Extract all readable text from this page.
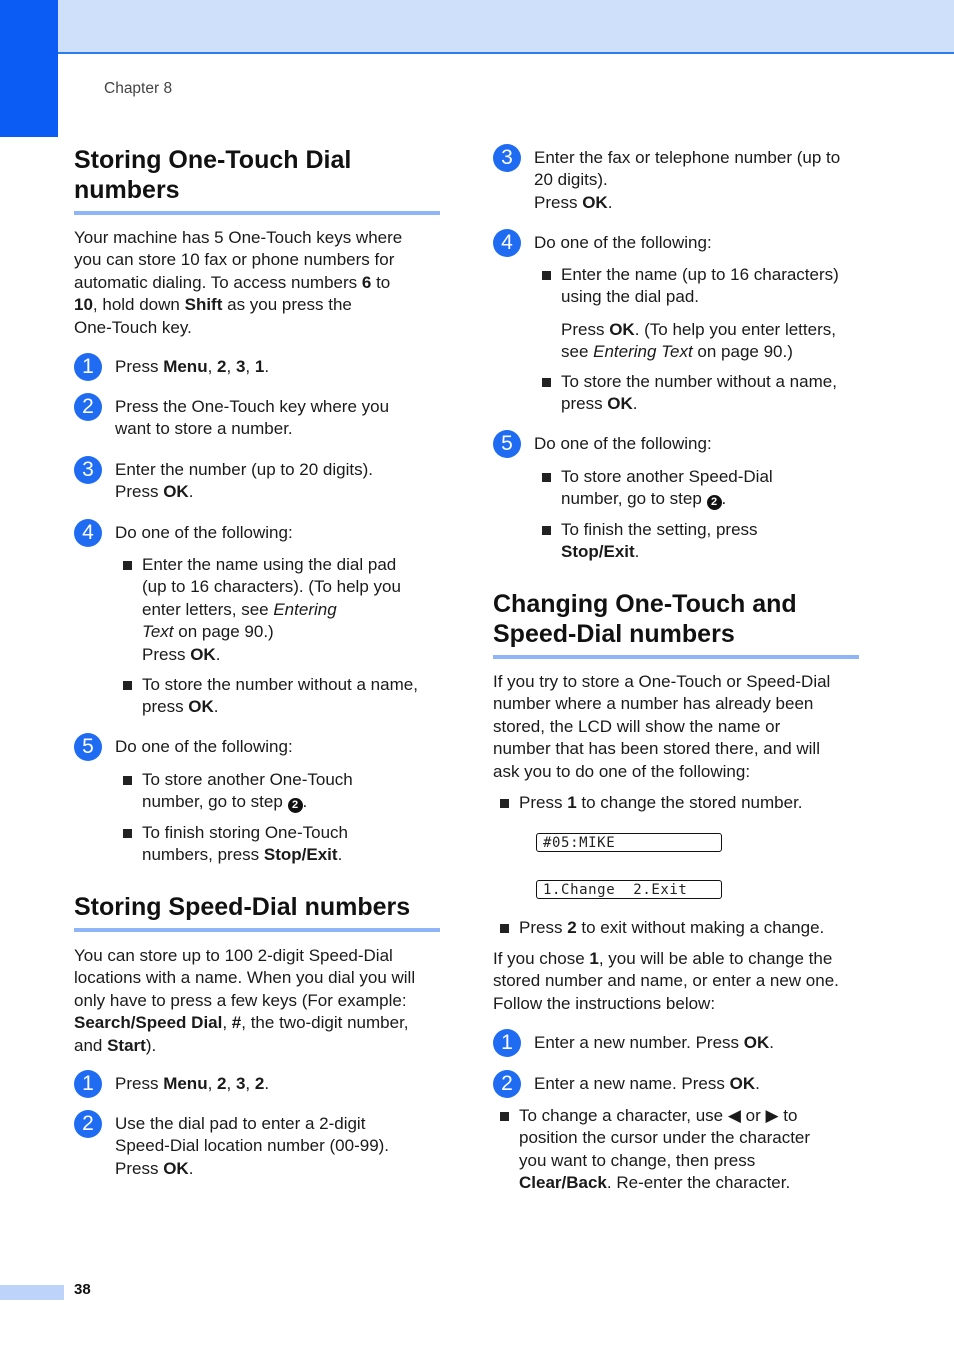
Chapter 8
Storing One-Touch Dial
numbers

Your machine has 5 One-Touch keys where
you can store 10 fax or phone numbers for
automatic dialing. To access numbers 6 to
10, hold down Shift as you press the
One-Touch key.

1	Press Menu, 2, 3, 1.
2	Press the One-Touch key where you
want to store a number.
3	Enter the number (up to 20 digits).
Press OK.
4	Do one of the following:
Enter the name using the dial pad
(up to 16 characters). (To help you
enter letters, see Entering
Text on page 90.)
Press OK.
To store the number without a name,
press OK.
5	Do one of the following:
To store another One-Touch
number, go to step 2 .
To finish storing One-Touch
numbers, press Stop/Exit.
Storing Speed-Dial numbers

You can store up to 100 2-digit Speed-Dial
locations with a name. When you dial you will
only have to press a few keys (For example:
Search/Speed Dial, #, the two-digit number,
and Start).

1	Press Menu, 2, 3, 2.
2	Use the dial pad to enter a 2-digit
Speed-Dial location number (00-99).
Press OK.
3	Enter the fax or telephone number (up to
20 digits).
Press OK.
4	Do one of the following:
Enter the name (up to 16 characters)
using the dial pad.
Press OK. (To help you enter letters,
see Entering Text on page 90.)
To store the number without a name,
press OK.
5	Do one of the following:
To store another Speed-Dial
number, go to step 2 .
To finish the setting, press
Stop/Exit.
Changing One-Touch and
Speed-Dial numbers

If you try to store a One-Touch or Speed-Dial
number where a number has already been
stored, the LCD will show the name or
number that has been stored there, and will
ask you to do one of the following:

Press 1 to change the stored number.
#05:MIKE
1.Change  2.Exit
Press 2 to exit without making a change.

If you chose 1, you will be able to change the
stored number and name, or enter a new one.
Follow the instructions below:

1	Enter a new number. Press OK.
2	Enter a new name. Press OK.
To change a character, use ◀ or ▶ to
position the cursor under the character
you want to change, then press
Clear/Back. Re-enter the character.
38
